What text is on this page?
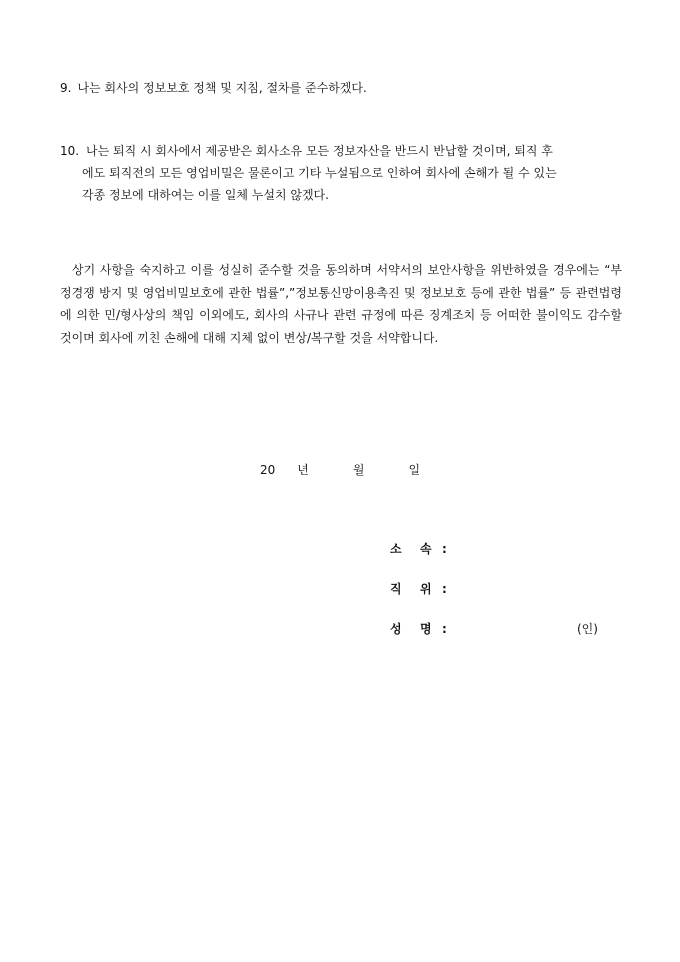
9. 나는 회사의 정보보호 정책 및 지침, 절차를 준수하겠다.
10. 나는 퇴직 시 회사에서 제공받은 회사소유 모든 정보자산을 반드시 반납할 것이며, 퇴직 후
에도 퇴직전의 모든 영업비밀은 물론이고 기타 누설됨으로 인하여 회사에 손해가 될 수 있는
각종 정보에 대하여는 이를 일체 누설치 않겠다.
상기 사항을 숙지하고 이를 성실히 준수할 것을 동의하며 서약서의 보안사항을 위반하였을 경우에는 “부정경쟁 방지 및 영업비밀보호에 관한 법률”,”정보통신망이용촉진 및 정보보호 등에 관한 법률” 등 관련법령에 의한 민/형사상의 책임 이외에도, 회사의 사규나 관련 규정에 따른 징계조치 등 어떠한 불이익도 감수할 것이며 회사에 끼친 손해에 대해 지체 없이 변상/복구할 것을 서약합니다.
20 년	월	일
소	속 :
직	위 :
성	명 :	(인)
